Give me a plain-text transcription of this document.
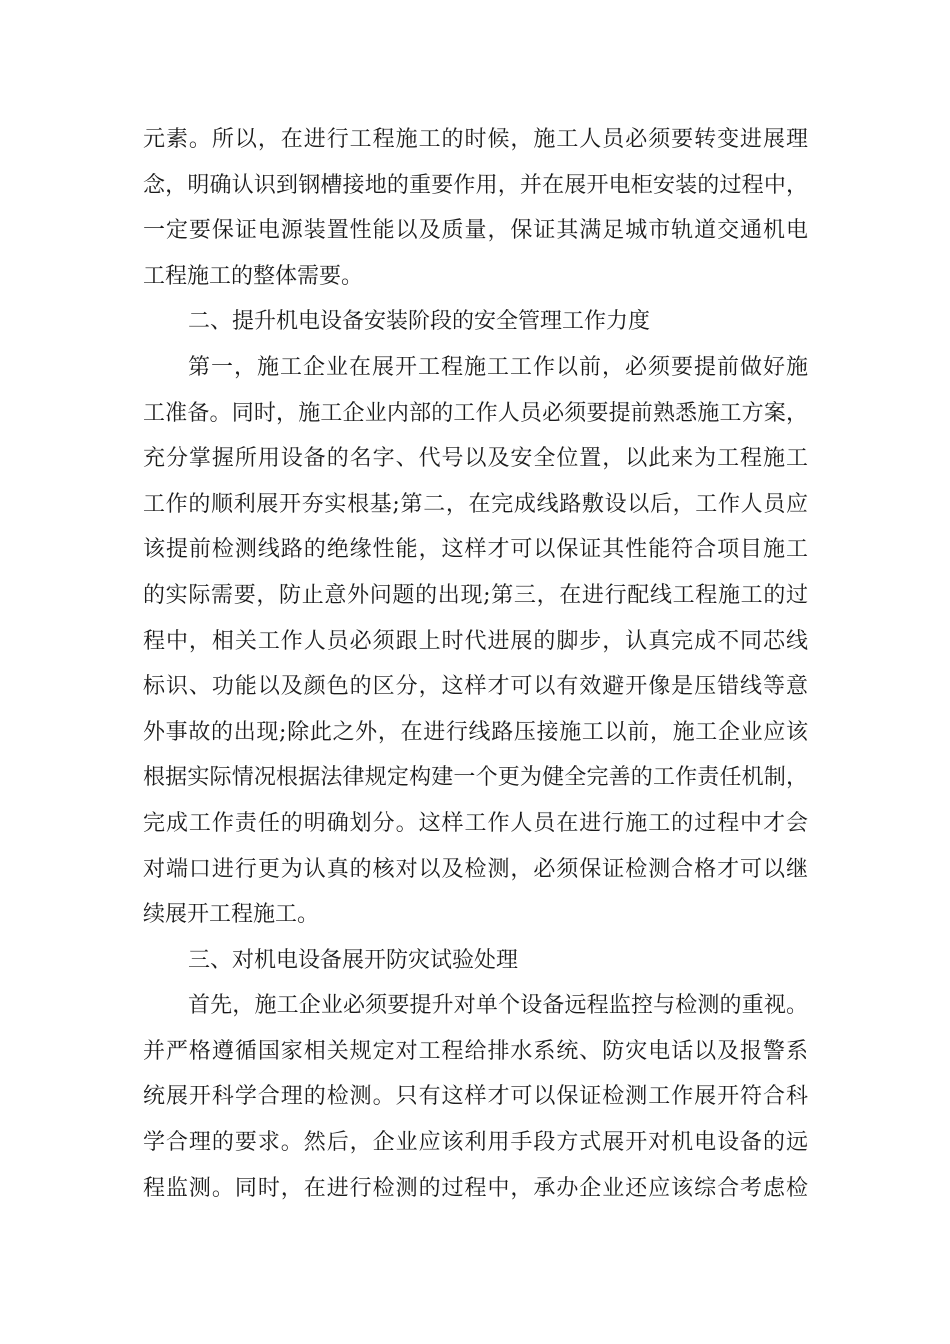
元素。所以，在进行工程施工的时候，施工人员必须要转变进展理
念，明确认识到钢槽接地的重要作用，并在展开电柜安装的过程中，
一定要保证电源装置性能以及质量，保证其满足城市轨道交通机电
工程施工的整体需要。
二、提升机电设备安装阶段的安全管理工作力度
第一，施工企业在展开工程施工工作以前，必须要提前做好施
工准备。同时，施工企业内部的工作人员必须要提前熟悉施工方案，
充分掌握所用设备的名字、代号以及安全位置，以此来为工程施工
工作的顺利展开夯实根基;第二，在完成线路敷设以后，工作人员应
该提前检测线路的绝缘性能，这样才可以保证其性能符合项目施工
的实际需要，防止意外问题的出现;第三，在进行配线工程施工的过
程中，相关工作人员必须跟上时代进展的脚步，认真完成不同芯线
标识、功能以及颜色的区分，这样才可以有效避开像是压错线等意
外事故的出现;除此之外，在进行线路压接施工以前，施工企业应该
根据实际情况根据法律规定构建一个更为健全完善的工作责任机制，
完成工作责任的明确划分。这样工作人员在进行施工的过程中才会
对端口进行更为认真的核对以及检测，必须保证检测合格才可以继
续展开工程施工。
三、对机电设备展开防灾试验处理
首先，施工企业必须要提升对单个设备远程监控与检测的重视。
并严格遵循国家相关规定对工程给排水系统、防灾电话以及报警系
统展开科学合理的检测。只有这样才可以保证检测工作展开符合科
学合理的要求。然后，企业应该利用手段方式展开对机电设备的远
程监测。同时，在进行检测的过程中，承办企业还应该综合考虑检
